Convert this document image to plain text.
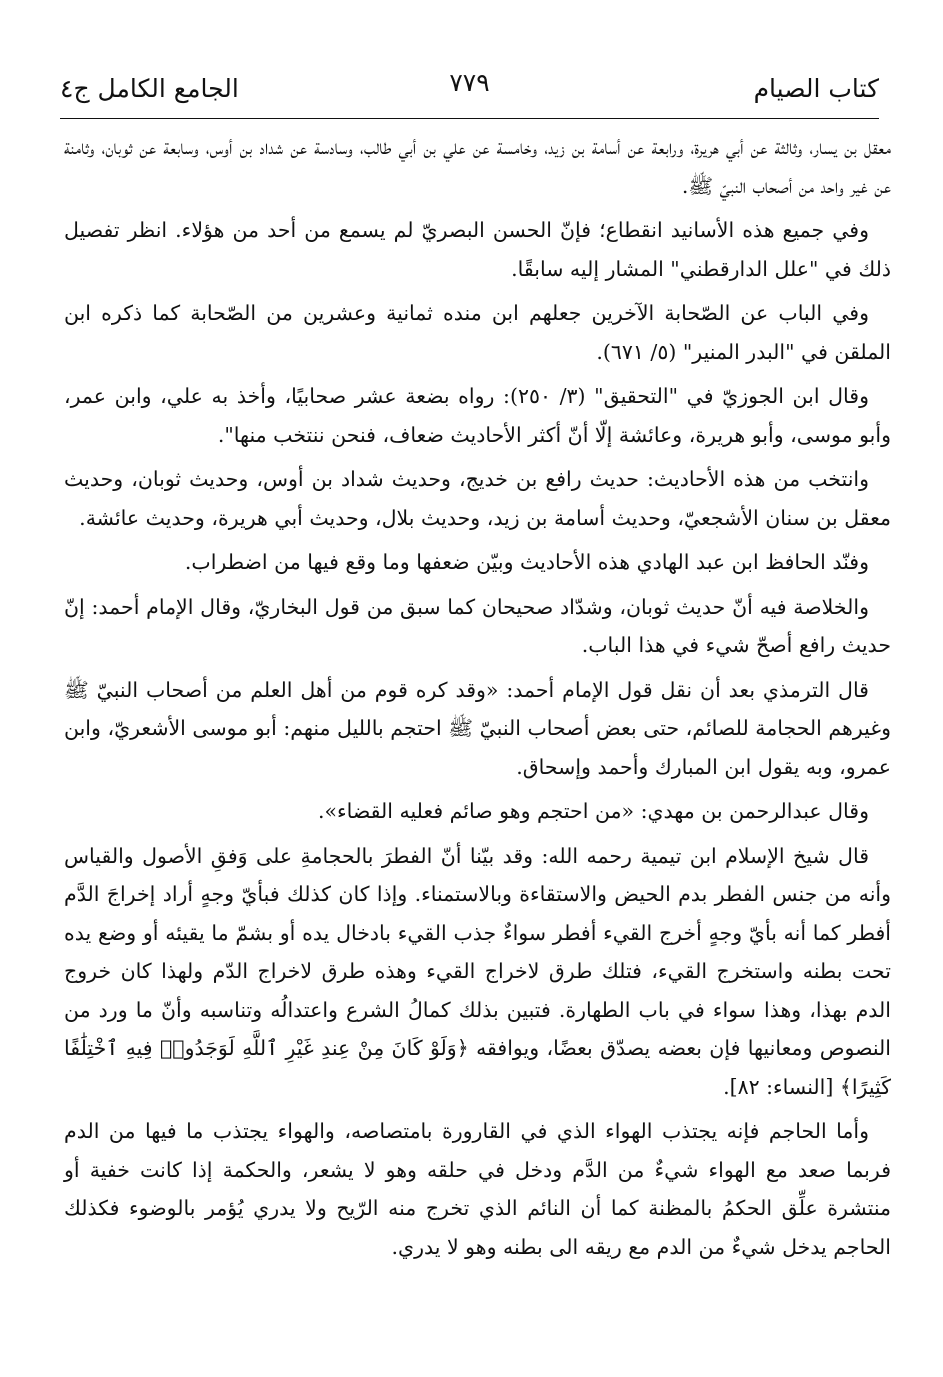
كتاب الصيام
٧٧٩
الجامع الكامل ج٤

معقل بن يسار، وثالثة عن أبي هريرة، ورابعة عن أسامة بن زيد، وخامسة عن علي بن أبي طالب، وسادسة عن شداد بن أوس، وسابعة عن ثوبان، وثامنة عن غير واحد من أصحاب النبيّ ﷺ.

وفي جميع هذه الأسانيد انقطاع؛ فإنّ الحسن البصريّ لم يسمع من أحد من هؤلاء. انظر تفصيل ذلك في "علل الدارقطني" المشار إليه سابقًا.

وفي الباب عن الصّحابة الآخرين جعلهم ابن منده ثمانية وعشرين من الصّحابة كما ذكره ابن الملقن في "البدر المنير" (٥/ ٦٧١).

وقال ابن الجوزيّ في "التحقيق" (٣/ ٢٥٠): رواه بضعة عشر صحابيًا، وأخذ به علي، وابن عمر، وأبو موسى، وأبو هريرة، وعائشة إلّا أنّ أكثر الأحاديث ضعاف، فنحن ننتخب منها".

وانتخب من هذه الأحاديث: حديث رافع بن خديج، وحديث شداد بن أوس، وحديث ثوبان، وحديث معقل بن سنان الأشجعيّ، وحديث أسامة بن زيد، وحديث بلال، وحديث أبي هريرة، وحديث عائشة.

وفنّد الحافظ ابن عبد الهادي هذه الأحاديث وبيّن ضعفها وما وقع فيها من اضطراب.

والخلاصة فيه أنّ حديث ثوبان، وشدّاد صحيحان كما سبق من قول البخاريّ، وقال الإمام أحمد: إنّ حديث رافع أصحّ شيء في هذا الباب.

قال الترمذي بعد أن نقل قول الإمام أحمد: «وقد كره قوم من أهل العلم من أصحاب النبيّ ﷺ وغيرهم الحجامة للصائم، حتى بعض أصحاب النبيّ ﷺ احتجم بالليل منهم: أبو موسى الأشعريّ، وابن عمرو، وبه يقول ابن المبارك وأحمد وإسحاق.

وقال عبدالرحمن بن مهدي: «من احتجم وهو صائم فعليه القضاء».

قال شيخ الإسلام ابن تيمية رحمه الله: وقد بيّنا أنّ الفطرَ بالحجامةِ على وَفقِ الأصول والقياس وأنه من جنس الفطر بدم الحيض والاستقاءة وبالاستمناء. وإذا كان كذلك فبأيّ وجهٍ أراد إخراجَ الدَّم أفطر كما أنه بأيّ وجهٍ أخرج القيء أفطر سواءٌ جذب القيء بادخال يده أو بشمّ ما يقيئه أو وضع يده تحت بطنه واستخرج القيء، فتلك طرق لاخراج القيء وهذه طرق لاخراج الدّم ولهذا كان خروج الدم بهذا، وهذا سواء في باب الطهارة. فتبين بذلك كمالُ الشرع واعتدالُه وتناسبه وأنّ ما ورد من النصوص ومعانيها فإن بعضه يصدّق بعضًا، ويوافقه ﴿وَلَوْ كَانَ مِنْ عِندِ غَيْرِ ٱللَّهِ لَوَجَدُوا۟ فِيهِ ٱخْتِلَٰفًا كَثِيرًا﴾ [النساء: ٨٢].

وأما الحاجم فإنه يجتذب الهواء الذي في القارورة بامتصاصه، والهواء يجتذب ما فيها من الدم فربما صعد مع الهواء شيءٌ من الدَّم ودخل في حلقه وهو لا يشعر، والحكمة إذا كانت خفية أو منتشرة علِّق الحكمُ بالمظنة كما أن النائم الذي تخرج منه الرّيح ولا يدري يُؤمر بالوضوء فكذلك الحاجم يدخل شيءٌ من الدم مع ريقه الى بطنه وهو لا يدري.
